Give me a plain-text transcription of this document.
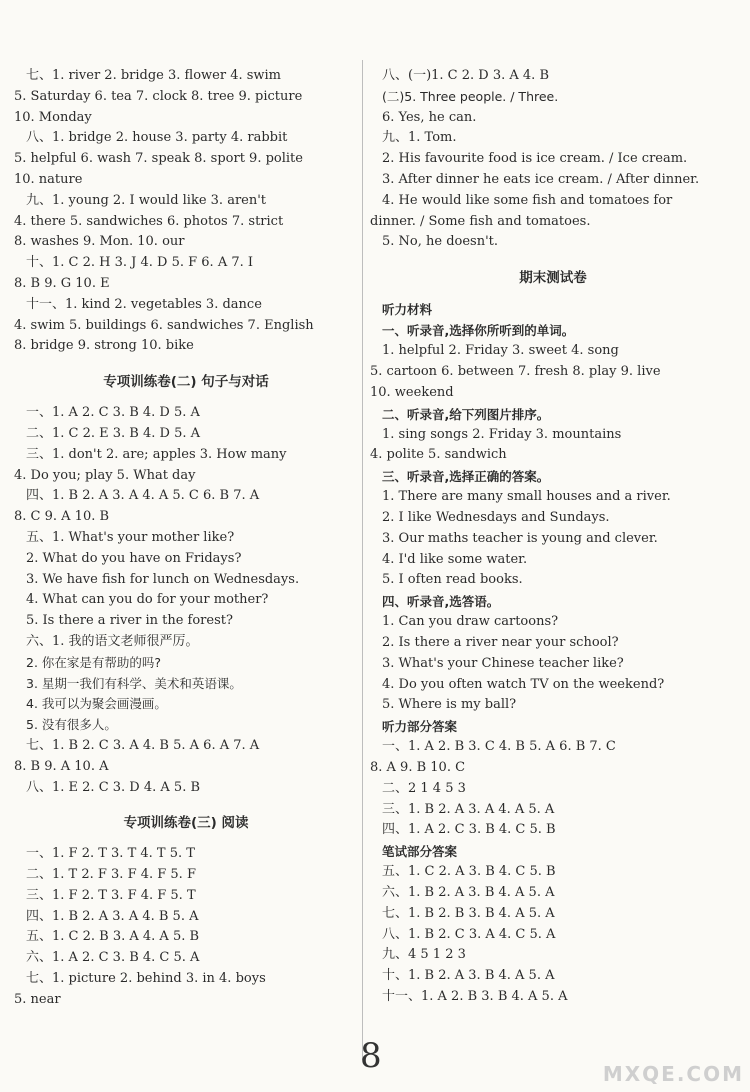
七、1. river 2. bridge 3. flower 4. swim
5. Saturday 6. tea 7. clock 8. tree 9. picture
10. Monday
八、1. bridge 2. house 3. party 4. rabbit
5. helpful 6. wash 7. speak 8. sport 9. polite
10. nature
九、1. young 2. I would like 3. aren't
4. there 5. sandwiches 6. photos 7. strict
8. washes 9. Mon. 10. our
十、1. C 2. H 3. J 4. D 5. F 6. A 7. I
8. B 9. G 10. E
十一、1. kind 2. vegetables 3. dance
4. swim 5. buildings 6. sandwiches 7. English
8. bridge 9. strong 10. bike
专项训练卷(二) 句子与对话
一、1. A 2. C 3. B 4. D 5. A
二、1. C 2. E 3. B 4. D 5. A
三、1. don't 2. are; apples 3. How many
4. Do you; play 5. What day
四、1. B 2. A 3. A 4. A 5. C 6. B 7. A
8. C 9. A 10. B
五、1. What's your mother like?
2. What do you have on Fridays?
3. We have fish for lunch on Wednesdays.
4. What can you do for your mother?
5. Is there a river in the forest?
六、1. 我的语文老师很严厉。
2. 你在家是有帮助的吗?
3. 星期一我们有科学、美术和英语课。
4. 我可以为聚会画漫画。
5. 没有很多人。
七、1. B 2. C 3. A 4. B 5. A 6. A 7. A
8. B 9. A 10. A
八、1. E 2. C 3. D 4. A 5. B
专项训练卷(三) 阅读
一、1. F 2. T 3. T 4. T 5. T
二、1. T 2. F 3. F 4. F 5. F
三、1. F 2. T 3. F 4. F 5. T
四、1. B 2. A 3. A 4. B 5. A
五、1. C 2. B 3. A 4. A 5. B
六、1. A 2. C 3. B 4. C 5. A
七、1. picture 2. behind 3. in 4. boys
5. near
八、(一)1. C 2. D 3. A 4. B
(二)5. Three people. / Three.
6. Yes, he can.
九、1. Tom.
2. His favourite food is ice cream. / Ice cream.
3. After dinner he eats ice cream. / After dinner.
4. He would like some fish and tomatoes for
dinner. / Some fish and tomatoes.
5. No, he doesn't.
期末测试卷
听力材料
一、听录音,选择你所听到的单词。
1. helpful 2. Friday 3. sweet 4. song
5. cartoon 6. between 7. fresh 8. play 9. live
10. weekend
二、听录音,给下列图片排序。
1. sing songs 2. Friday 3. mountains
4. polite 5. sandwich
三、听录音,选择正确的答案。
1. There are many small houses and a river.
2. I like Wednesdays and Sundays.
3. Our maths teacher is young and clever.
4. I'd like some water.
5. I often read books.
四、听录音,选答语。
1. Can you draw cartoons?
2. Is there a river near your school?
3. What's your Chinese teacher like?
4. Do you often watch TV on the weekend?
5. Where is my ball?
听力部分答案
一、1. A 2. B 3. C 4. B 5. A 6. B 7. C
8. A 9. B 10. C
二、2 1 4 5 3
三、1. B 2. A 3. A 4. A 5. A
四、1. A 2. C 3. B 4. C 5. B
笔试部分答案
五、1. C 2. A 3. B 4. C 5. B
六、1. B 2. A 3. B 4. A 5. A
七、1. B 2. B 3. B 4. A 5. A
八、1. B 2. C 3. A 4. C 5. A
九、4 5 1 2 3
十、1. B 2. A 3. B 4. A 5. A
十一、1. A 2. B 3. B 4. A 5. A
8	MXQE.COM
